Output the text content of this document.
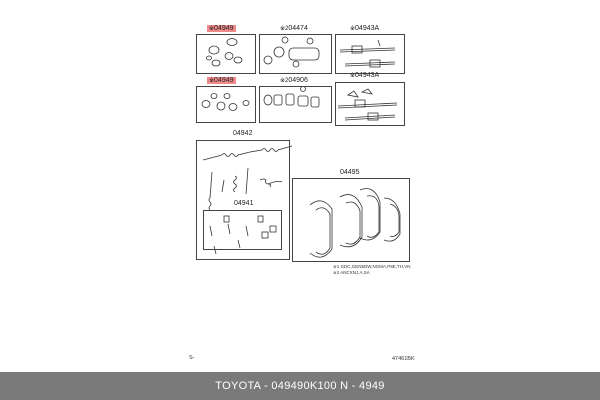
※04949	※204474	※04943A
※04949	※204906
※04943A
04942
04941
04495
※1 GDC,GEN5DW,NGMA,P8E,TH,VN
※2 ANCXNJ,A,SA
S-	47461BK
TOYOTA - 049490K100 N - 4949
